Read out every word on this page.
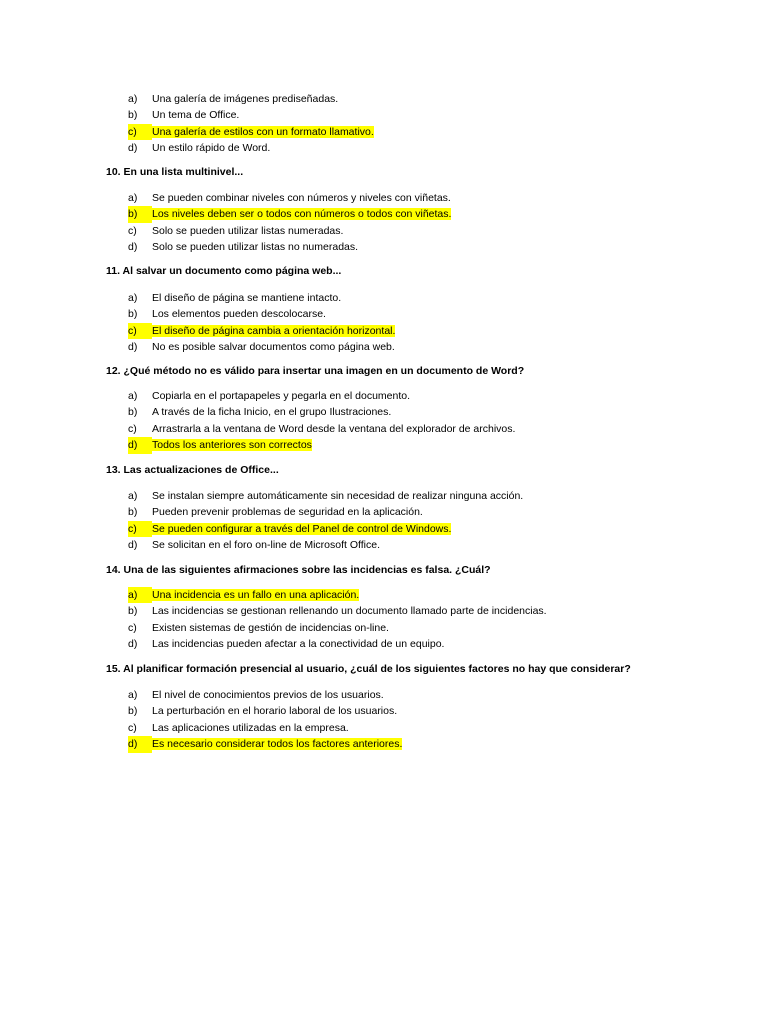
a) Una galería de imágenes prediseñadas.
b) Un tema de Office.
c) Una galería de estilos con un formato llamativo.
d) Un estilo rápido de Word.
10. En una lista multinivel...
a) Se pueden combinar niveles con números y niveles con viñetas.
b) Los niveles deben ser o todos con números o todos con viñetas.
c) Solo se pueden utilizar listas numeradas.
d) Solo se pueden utilizar listas no numeradas.
11. Al salvar un documento como página web...
a) El diseño de página se mantiene intacto.
b) Los elementos pueden descolocarse.
c) El diseño de página cambia a orientación horizontal.
d) No es posible salvar documentos como página web.
12. ¿Qué método no es válido para insertar una imagen en un documento de Word?
a) Copiarla en el portapapeles y pegarla en el documento.
b) A través de la ficha Inicio, en el grupo Ilustraciones.
c) Arrastrarla a la ventana de Word desde la ventana del explorador de archivos.
d) Todos los anteriores son correctos
13. Las actualizaciones de Office...
a) Se instalan siempre automáticamente sin necesidad de realizar ninguna acción.
b) Pueden prevenir problemas de seguridad en la aplicación.
c) Se pueden configurar a través del Panel de control de Windows.
d) Se solicitan en el foro on-line de Microsoft Office.
14. Una de las siguientes afirmaciones sobre las incidencias es falsa. ¿Cuál?
a) Una incidencia es un fallo en una aplicación.
b) Las incidencias se gestionan rellenando un documento llamado parte de incidencias.
c) Existen sistemas de gestión de incidencias on-line.
d) Las incidencias pueden afectar a la conectividad de un equipo.
15. Al planificar formación presencial al usuario, ¿cuál de los siguientes factores no hay que considerar?
a) El nivel de conocimientos previos de los usuarios.
b) La perturbación en el horario laboral de los usuarios.
c) Las aplicaciones utilizadas en la empresa.
d) Es necesario considerar todos los factores anteriores.
